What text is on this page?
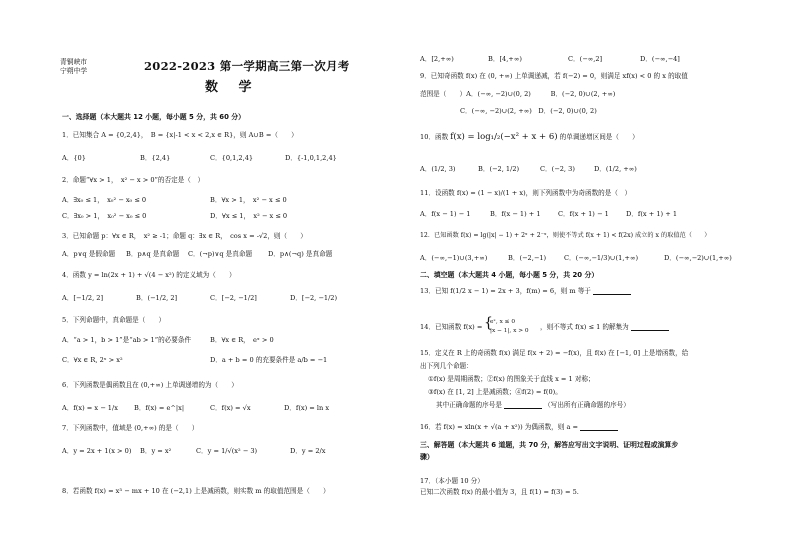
青铜峡市
宁朔中学	2022-2023 第一学期高三第一次月考
数 学
一、选择题（本大题共 12 小题，每小题 5 分，共 60 分）
1．已知集合 A = {0,2,4}，　B = {x|-1 < x < 2,x ∈ R}，则 A∪B =（　　）
A．{0}	B．{2,4}	C．{0,1,2,4}	D．{-1,0,1,2,4}
2．命题“∀x > 1，　x² − x > 0”的否定是（　）
A．∃x₀ ≤ 1，　x₀² − x₀ ≤ 0	B．∀x > 1，　x² − x ≤ 0
C．∃x₀ > 1，　x₀² − x₀ ≤ 0	D．∀x ≤ 1，　x² − x ≤ 0
3．已知命题 p：∀x ∈ R，　x² ≥ -1；命题 q：∃x ∈ R，　cos x = -√2，则（　　）
A．p∨q 是假命题 B．p∧q 是真命题 C．(¬p)∨q 是真命题 D．p∧(¬q) 是真命题
4．函数 y = ln(2x + 1) + √(4 − x²) 的定义域为（　　）
A．[−1/2, 2]	B．(−1/2, 2]	C．[−2, −1/2]	D．[−2, −1/2)
5．下列命题中，真命题是（　　）
A．“a > 1，b > 1”是“ab > 1”的必要条件	B．∀x ∈ R，　eˣ > 0
C．∀x ∈ R, 2ˣ > x²	D．a + b = 0 的充要条件是 a/b = −1
6．下列函数是偶函数且在 (0,+∞) 上单调递增的为（　　）
A．f(x) = x − 1/x B．f(x) = e^|x|	C．f(x) = √x	D．f(x) = ln x
7．下列函数中，值域是 (0,+∞) 的是（　　）
A．y = 2x + 1(x > 0) B．y = x²	C．y = 1/√(x² − 3)	D．y = 2/x
8．若函数 f(x) = x³ − mx + 10 在 (−2,1) 上是减函数，则实数 m 的取值范围是（　　）
A．[2,+∞)	B．[4,+∞)	C．(−∞,2]	D．(−∞,−4]
9．已知奇函数 f(x) 在 (0, +∞) 上单调递减，若 f(−2) = 0，则满足 xf(x) < 0 的 x 的取值
范围是（　　）A．(−∞, −2)∪(0, 2)　　　B．(−2, 0)∪(2, +∞)
C．(−∞, −2)∪(2, +∞)　D．(−2, 0)∪(0, 2)
10．函数 f(x) = log₁/₂(−x² + x + 6) 的单调递增区间是（　　）
A．(1/2, 3)	B．(−2, 1/2)	C．(−2, 3)	D．(1/2, +∞)
11．设函数 f(x) = (1 − x)/(1 + x)，则下列函数中为奇函数的是（　）
A．f(x − 1) − 1	B．f(x − 1) + 1	C．f(x + 1) − 1	D．f(x + 1) + 1
12．已知函数 f(x) = lg(|x| − 1) + 2ˣ + 2⁻ˣ，则使不等式 f(x + 1) < f(2x) 成立的 x 的取值范（　　）
A．(−∞,−1)∪(3,+∞)	B．(−2,−1)	C．(−∞,−1/3)∪(1,+∞)	D．(−∞,−2)∪(1,+∞)
二、填空题（本大题共 4 小题，每小题 5 分，共 20 分）
13．已知 f(1/2 x − 1) = 2x + 3，f(m) = 6，则 m 等于
14．已知函数 f(x) = {
eˣ, x ≤ 0
|x − 1|, x > 0 ，则不等式 f(x) ≤ 1 的解集为
15．定义在 R 上的奇函数 f(x) 满足 f(x + 2) = −f(x)，且 f(x) 在 [−1, 0] 上是增函数，给
出下列几个命题：
①f(x) 是周期函数；②f(x) 的图象关于直线 x = 1 对称；
③f(x) 在 [1, 2] 上是减函数；④f(2) = f(0)。
其中正确命题的序号是	（写出所有正确命题的序号）
16．若 f(x) = xln(x + √(a + x²)) 为偶函数，则 a =
三、解答题（本大题共 6 道题，共 70 分，解答应写出文字说明、证明过程或演算步
骤）
17．（本小题 10 分）
已知二次函数 f(x) 的最小值为 3，且 f(1) = f(3) = 5.
